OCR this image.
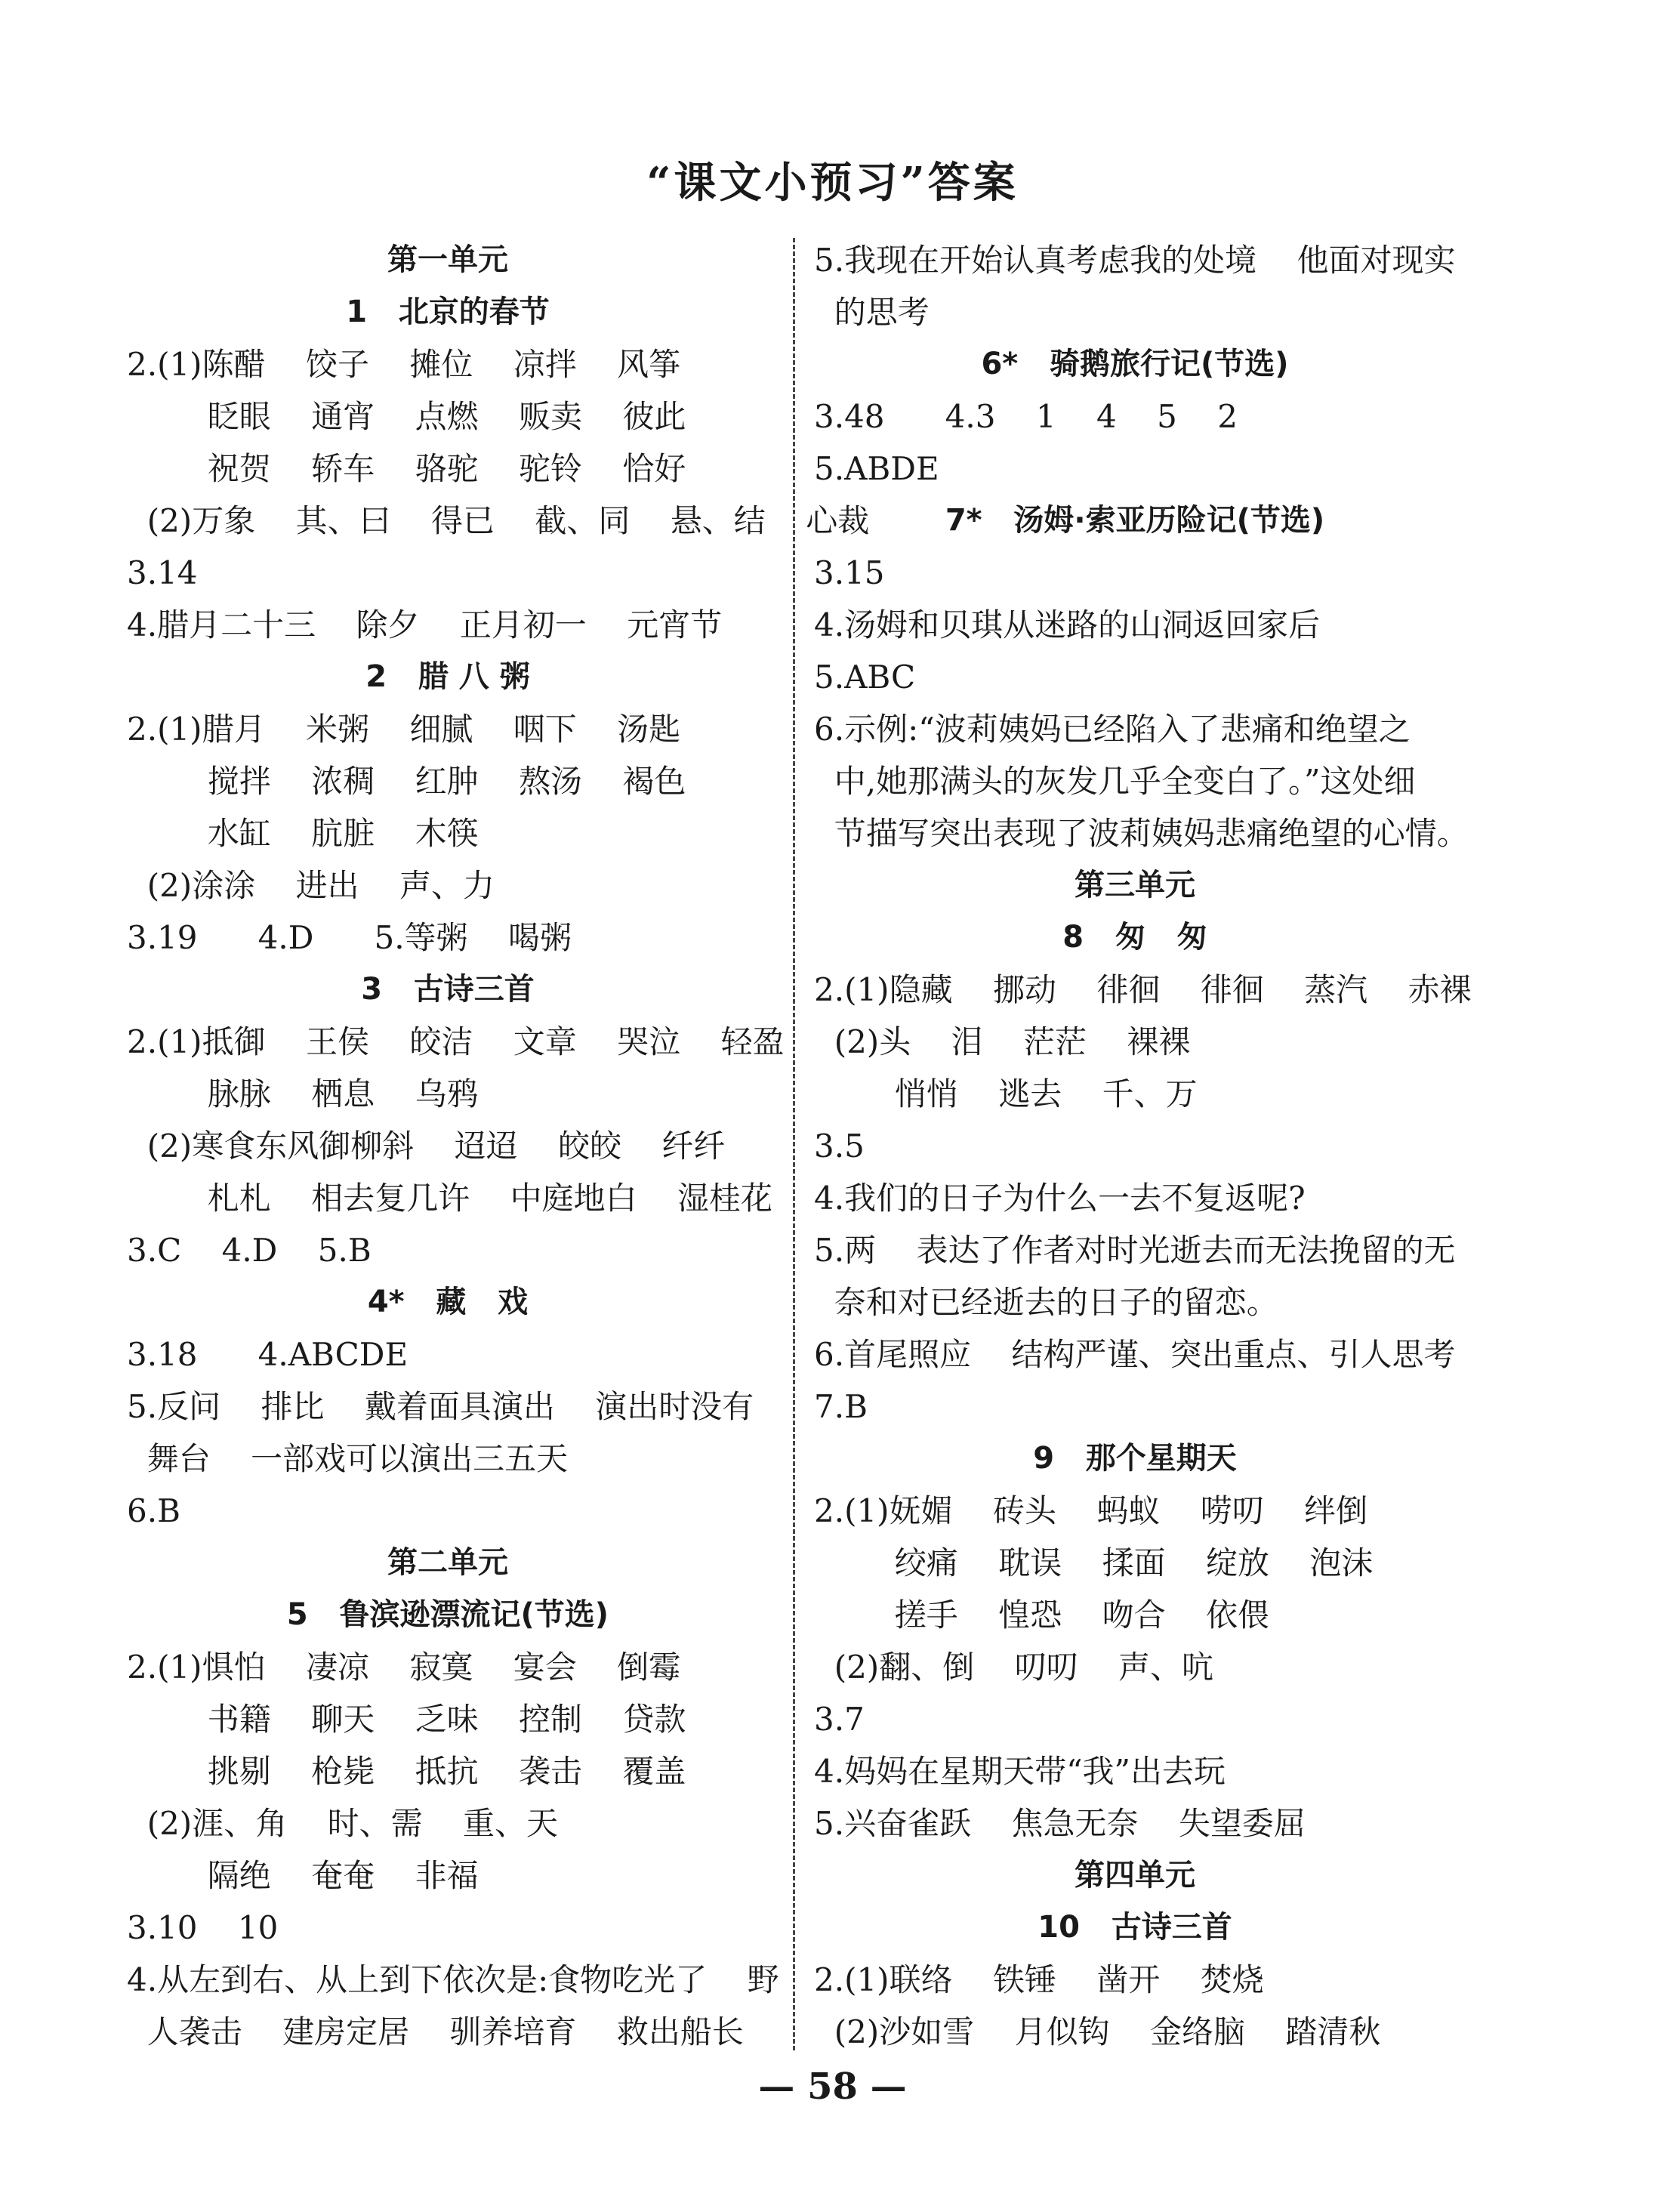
“课文小预习”答案
第一单元
1   北京的春节
2.(1)陈醋    饺子    摊位    凉拌    风筝
眨眼    通宵    点燃    贩卖    彼此
祝贺    轿车    骆驼    驼铃    恰好
(2)万象    其、曰    得已    截、同    悬、结    心裁
3.14
4.腊月二十三    除夕    正月初一    元宵节
2   腊 八 粥
2.(1)腊月    米粥    细腻    咽下    汤匙
搅拌    浓稠    红肿    熬汤    褐色
水缸    肮脏    木筷
(2)涂涂    进出    声、力
3.19      4.D      5.等粥    喝粥
3   古诗三首
2.(1)抵御    王侯    皎洁    文章    哭泣    轻盈
脉脉    栖息    乌鸦
(2)寒食东风御柳斜    迢迢    皎皎    纤纤
札札    相去复几许    中庭地白    湿桂花
3.C    4.D    5.B
4*   藏   戏
3.18      4.ABCDE
5.反问    排比    戴着面具演出    演出时没有
舞台    一部戏可以演出三五天
6.B
第二单元
5   鲁滨逊漂流记(节选)
2.(1)惧怕    凄凉    寂寞    宴会    倒霉
书籍    聊天    乏味    控制    贷款
挑剔    枪毙    抵抗    袭击    覆盖
(2)涯、角    时、需    重、天
隔绝    奄奄    非福
3.10    10
4.从左到右、从上到下依次是:食物吃光了    野
人袭击    建房定居    驯养培育    救出船长
5.我现在开始认真考虑我的处境    他面对现实
的思考
6*   骑鹅旅行记(节选)
3.48      4.3    1    4    5    2
5.ABDE
7*   汤姆·索亚历险记(节选)
3.15
4.汤姆和贝琪从迷路的山洞返回家后
5.ABC
6.示例:“波莉姨妈已经陷入了悲痛和绝望之
中,她那满头的灰发几乎全变白了。”这处细
节描写突出表现了波莉姨妈悲痛绝望的心情。
第三单元
8   匆   匆
2.(1)隐藏    挪动    徘徊    徘徊    蒸汽    赤裸
(2)头    泪    茫茫    裸裸
悄悄    逃去    千、万
3.5
4.我们的日子为什么一去不复返呢?
5.两    表达了作者对时光逝去而无法挽留的无
奈和对已经逝去的日子的留恋。
6.首尾照应    结构严谨、突出重点、引人思考
7.B
9   那个星期天
2.(1)妩媚    砖头    蚂蚁    唠叨    绊倒
绞痛    耽误    揉面    绽放    泡沫
搓手    惶恐    吻合    依偎
(2)翻、倒    叨叨    声、吭
3.7
4.妈妈在星期天带“我”出去玩
5.兴奋雀跃    焦急无奈    失望委屈
第四单元
10   古诗三首
2.(1)联络    铁锤    凿开    焚烧
(2)沙如雪    月似钩    金络脑    踏清秋
— 58 —
